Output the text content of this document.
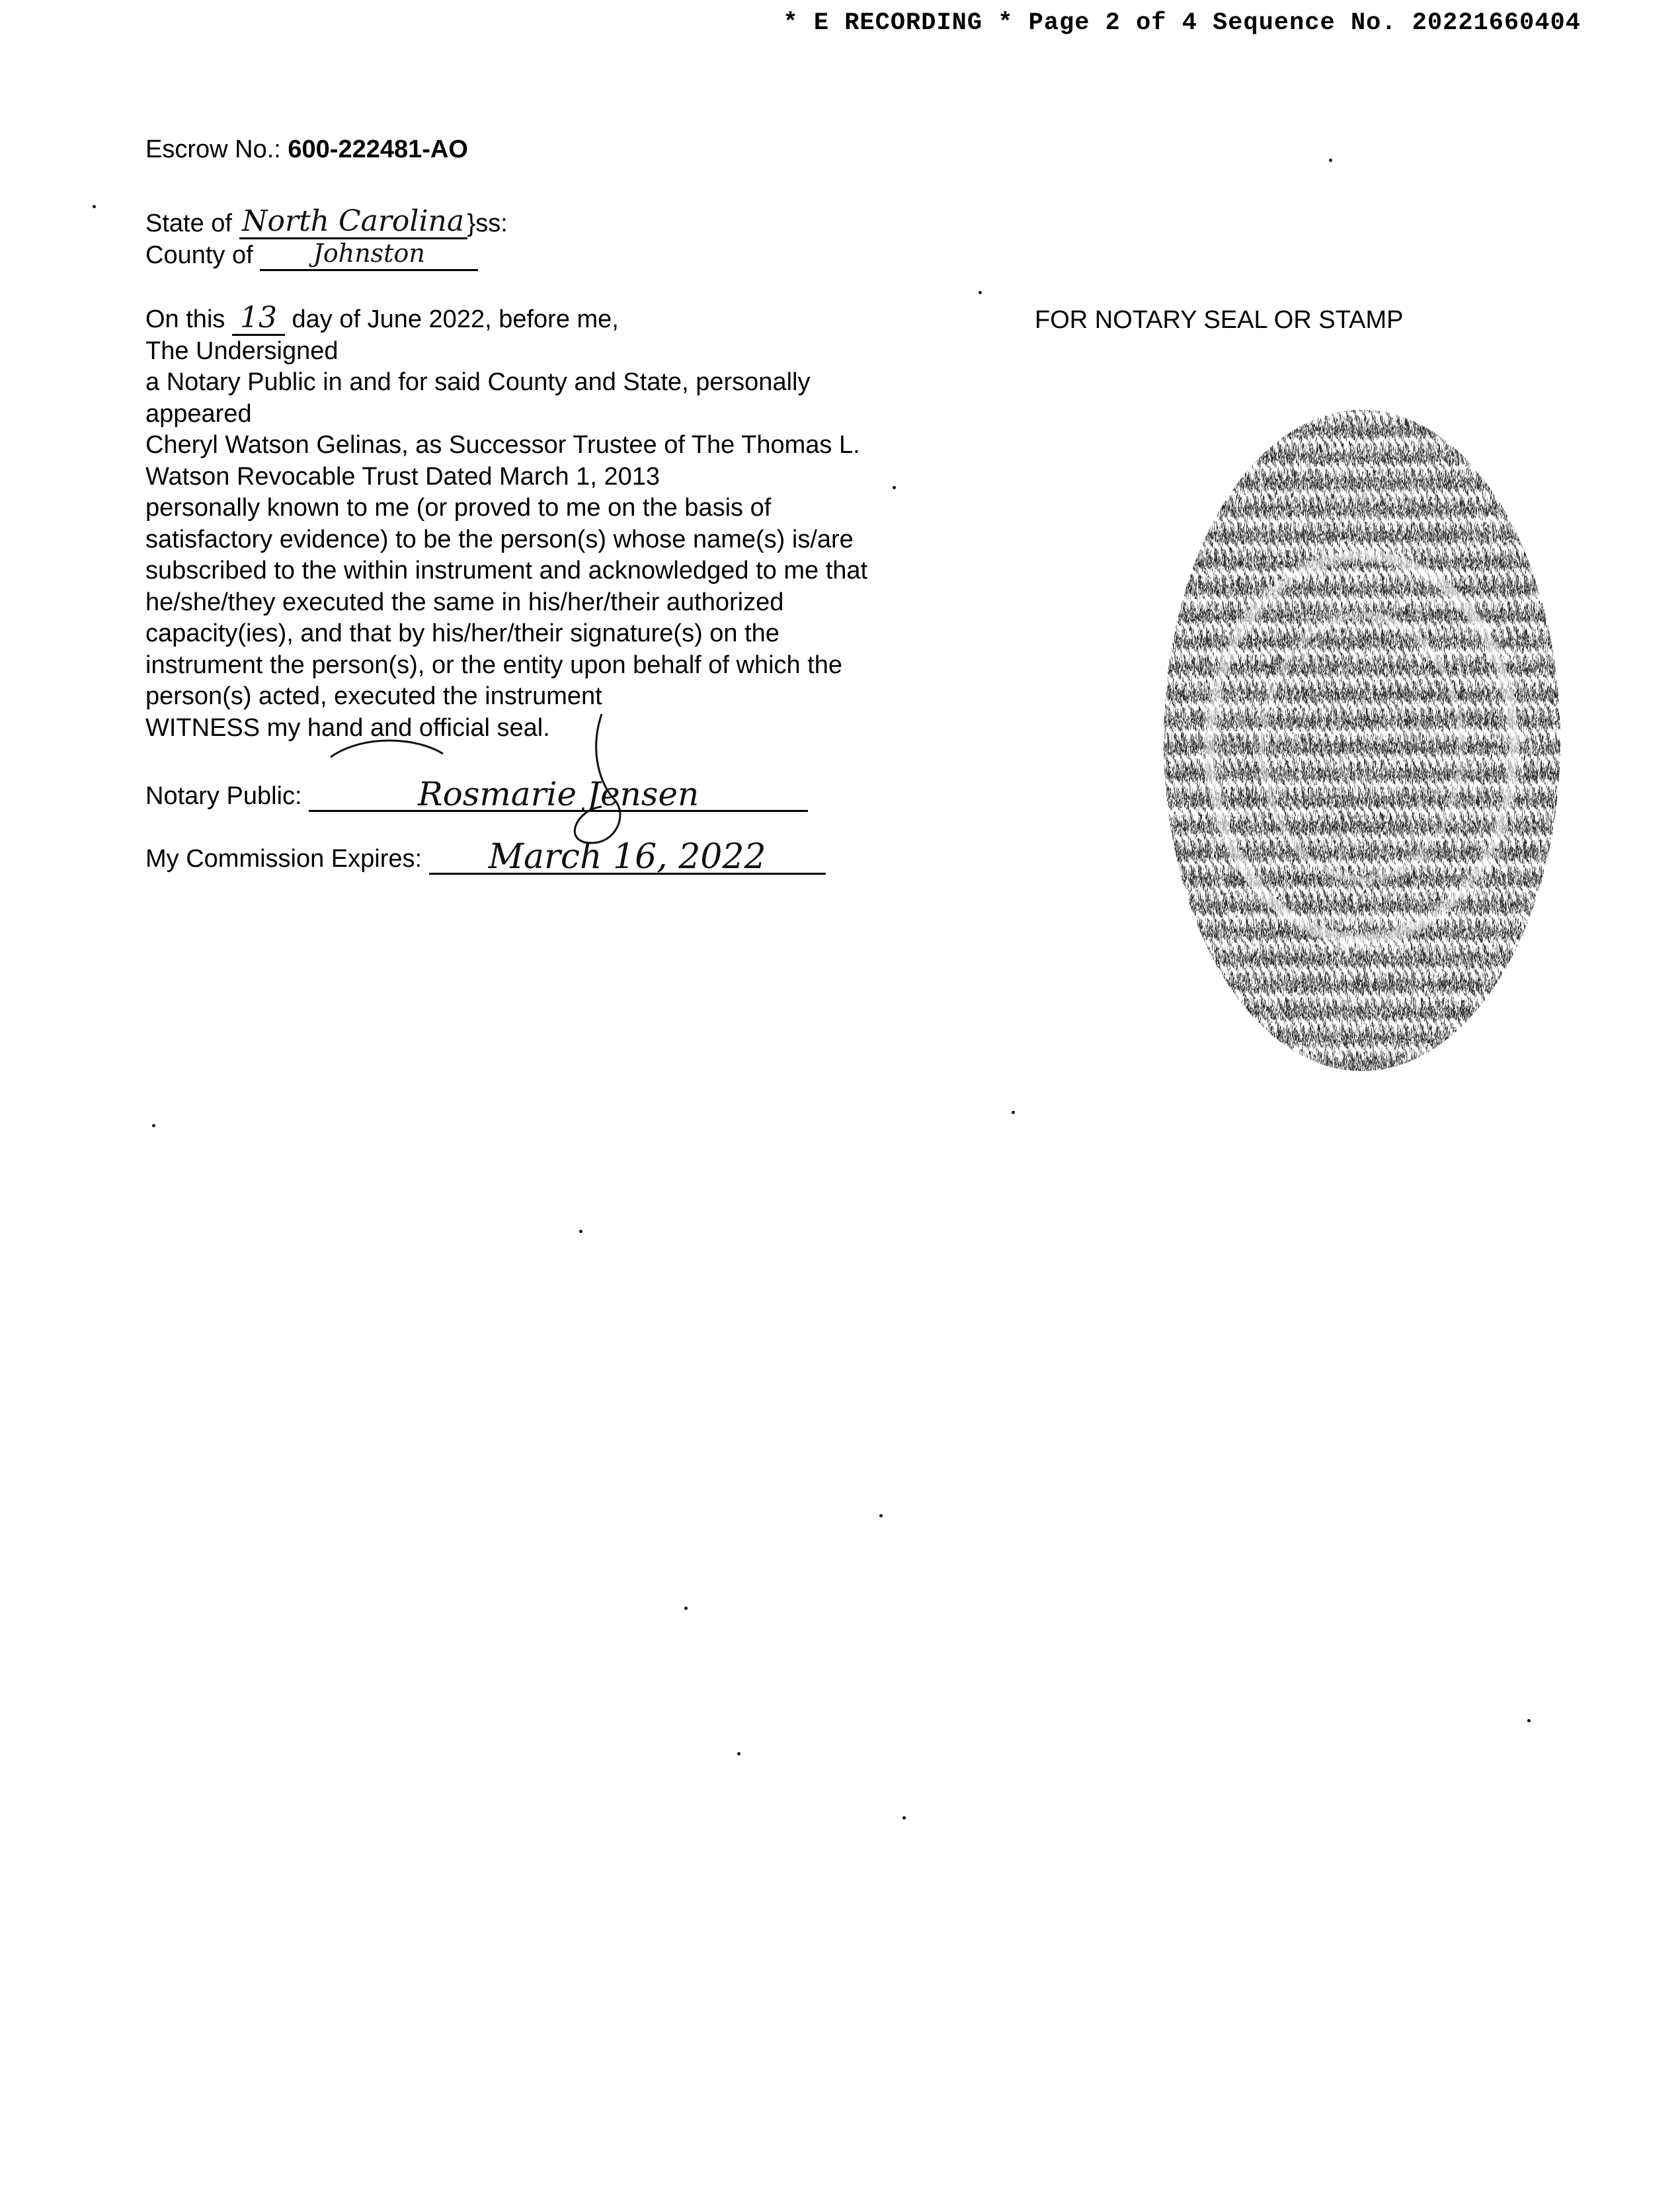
* E RECORDING * Page 2 of 4 Sequence No. 20221660404
Escrow No.: 600-222481-AO
State of North Carolina }ss:
County of Johnston

On this 13 day of June 2022, before me,

The Undersigned

a Notary Public in and for said County and State, personally

appeared

Cheryl Watson Gelinas, as Successor Trustee of The Thomas L.

Watson Revocable Trust Dated March 1, 2013

personally known to me (or proved to me on the basis of

satisfactory evidence) to be the person(s) whose name(s) is/are

subscribed to the within instrument and acknowledged to me that

he/she/they executed the same in his/her/their authorized

capacity(ies), and that by his/her/their signature(s) on the

instrument the person(s), or the entity upon behalf of which the

person(s) acted, executed the instrument

WITNESS my hand and official seal.

Notary Public:	Rosmarie Jensen
My Commission Expires: March 16, 2022
FOR NOTARY SEAL OR STAMP
